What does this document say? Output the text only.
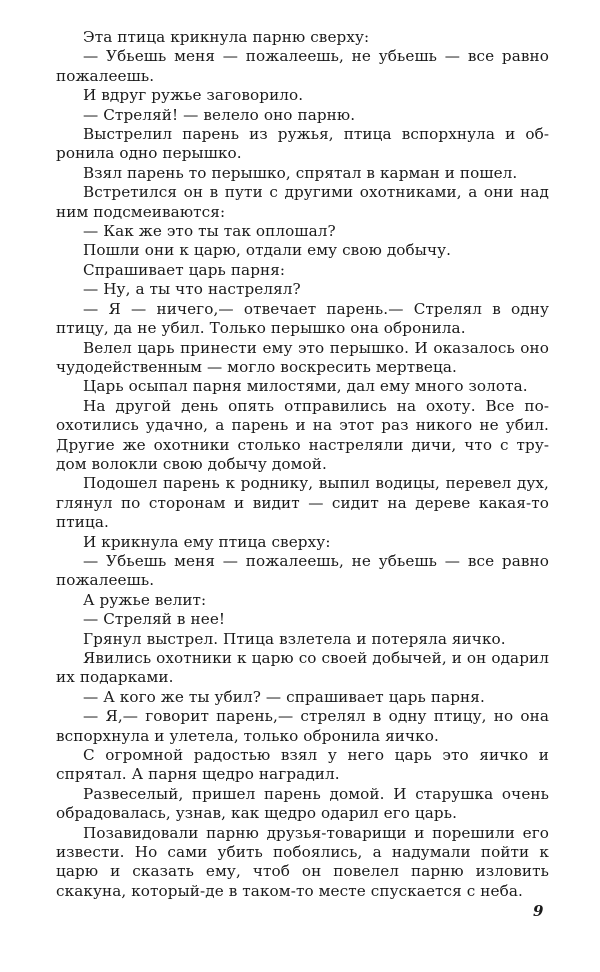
Эта птица крикнула парню сверху:

— Убьешь меня — пожалеешь, не убьешь — все равно пожалеешь.

И вдруг ружье заговорило.

— Стреляй! — велело оно парню.

Выстрелил парень из ружья, птица вспорхнула и обронила одно перышко.

Взял парень то перышко, спрятал в карман и пошел.

Встретился он в пути с другими охотниками, а они над ним подсмеиваются:

— Как же это ты так оплошал?

Пошли они к царю, отдали ему свою добычу.

Спрашивает царь парня:

— Ну, а ты что настрелял?

— Я — ничего,— отвечает парень.— Стрелял в одну птицу, да не убил. Только перышко она обронила.

Велел царь принести ему это перышко. И оказалось оно чудодейственным — могло воскресить мертвеца.

Царь осыпал парня милостями, дал ему много золота.

На другой день опять отправились на охоту. Все поохотились удачно, а парень и на этот раз никого не убил. Другие же охотники столько настреляли дичи, что с трудом волокли свою добычу домой.

Подошел парень к роднику, выпил водицы, перевел дух, глянул по сторонам и видит — сидит на дереве какая-то птица.

И крикнула ему птица сверху:

— Убьешь меня — пожалеешь, не убьешь — все равно пожалеешь.

А ружье велит:

— Стреляй в нее!

Грянул выстрел. Птица взлетела и потеряла яичко.

Явились охотники к царю со своей добычей, и он одарил их подарками.

— А кого же ты убил? — спрашивает царь парня.

— Я,— говорит парень,— стрелял в одну птицу, но она вспорхнула и улетела, только обронила яичко.

С огромной радостью взял у него царь это яичко и спрятал. А парня щедро наградил.

Развеселый, пришел парень домой. И старушка очень обрадовалась, узнав, как щедро одарил его царь.

Позавидовали парню друзья-товарищи и порешили его извести. Но сами убить побоялись, а надумали пойти к царю и сказать ему, чтоб он повелел парню изловить скакуна, который-де в таком-то месте спускается с неба.

9
